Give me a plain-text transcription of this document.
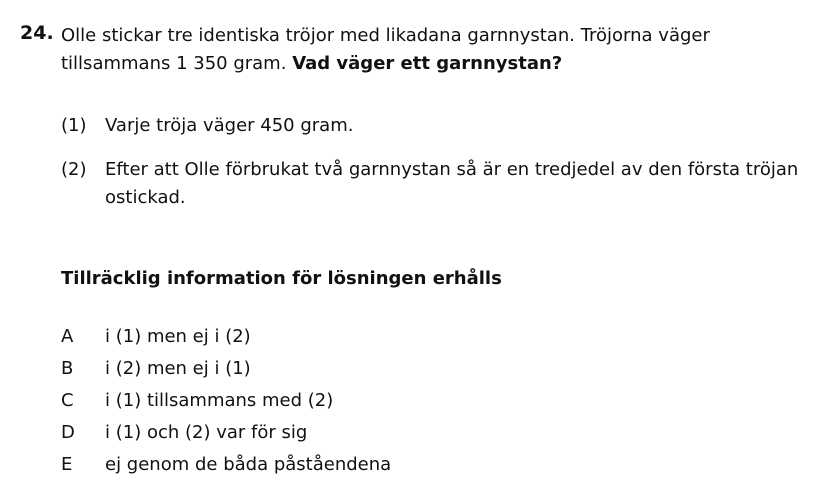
24. Olle stickar tre identiska tröjor med likadana garnnystan. Tröjorna väger tillsammans 1 350 gram. Vad väger ett garnnystan?
(1) Varje tröja väger 450 gram.
(2) Efter att Olle förbrukat två garnnystan så är en tredjedel av den första tröjan ostickad.
Tillräcklig information för lösningen erhålls
A i (1) men ej i (2)
B i (2) men ej i (1)
C i (1) tillsammans med (2)
D i (1) och (2) var för sig
E ej genom de båda påståendena
